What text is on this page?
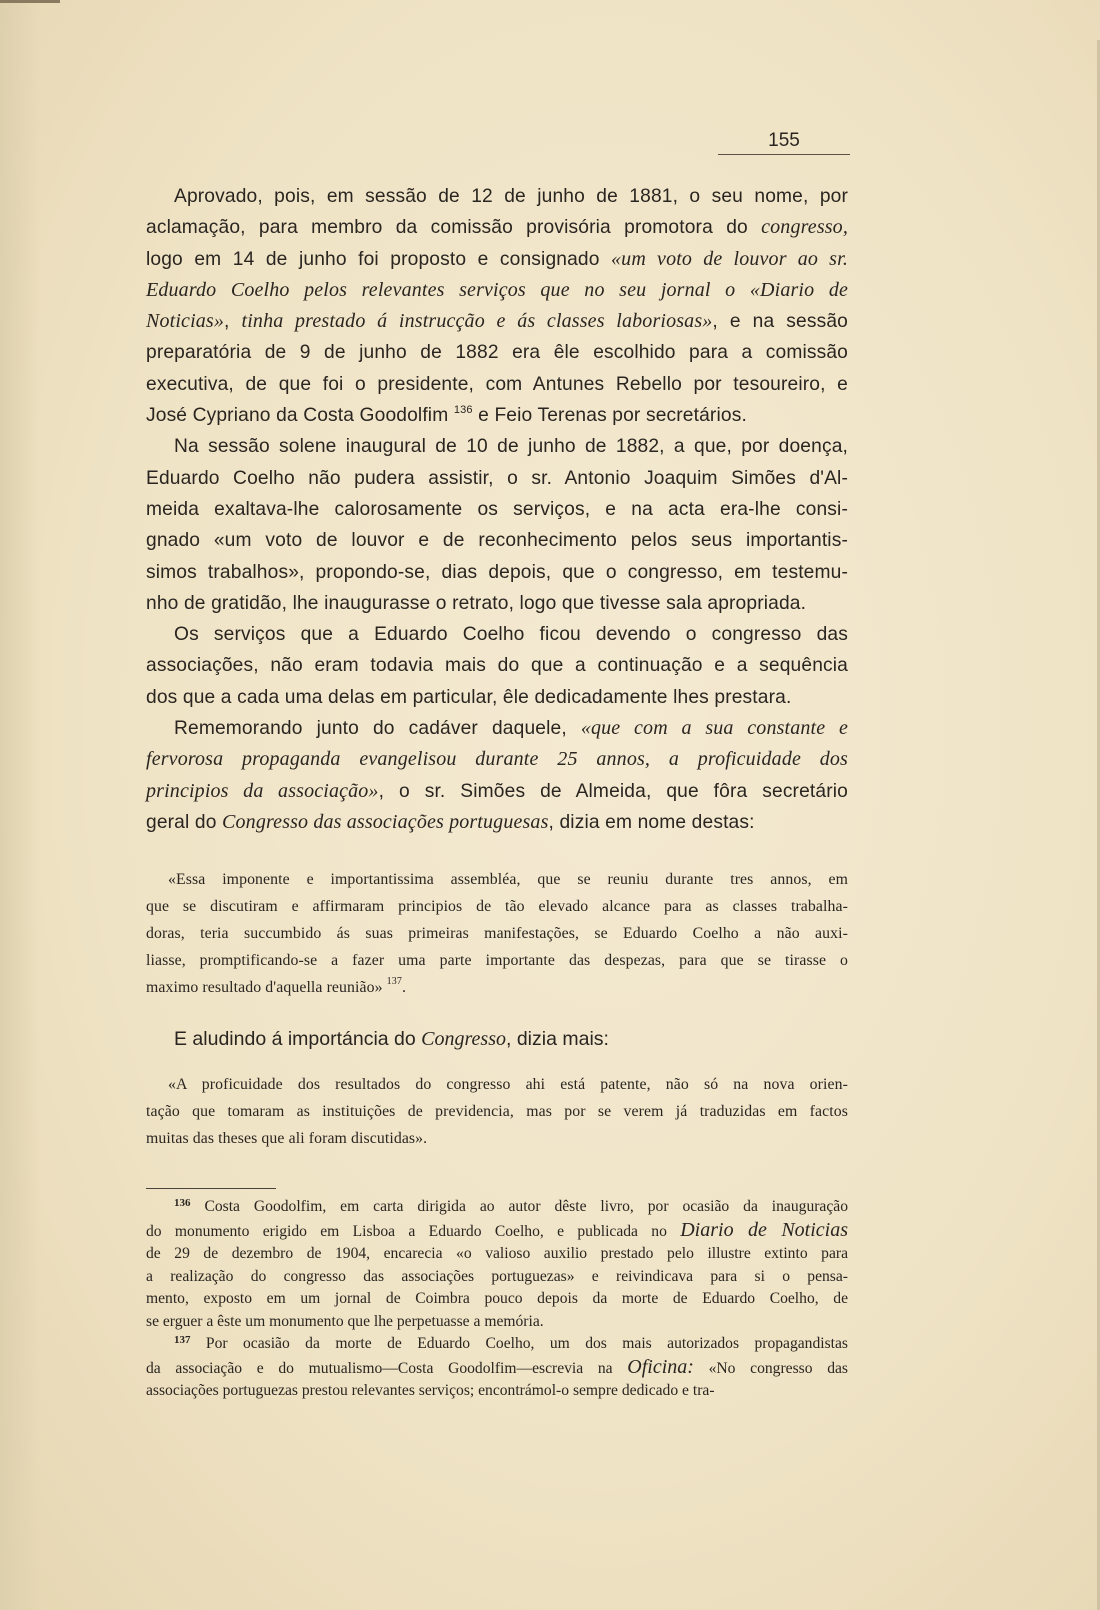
155

Aprovado, pois, em sessão de 12 de junho de 1881, o seu nome, por
aclamação, para membro da comissão provisória promotora do congresso,
logo em 14 de junho foi proposto e consignado «um voto de louvor ao sr.
Eduardo Coelho pelos relevantes serviços que no seu jornal o «Diario de
Noticias», tinha prestado á instrucção e ás classes laboriosas», e na sessão
preparatória de 9 de junho de 1882 era êle escolhido para a comissão
executiva, de que foi o presidente, com Antunes Rebello por tesoureiro, e
José Cypriano da Costa Goodolfim $^{136}$ e Feio Terenas por secretários.

Na sessão solene inaugural de 10 de junho de 1882, a que, por doença,
Eduardo Coelho não pudera assistir, o sr. Antonio Joaquim Simões d'Al-
meida exaltava-lhe calorosamente os serviços, e na acta era-lhe consi-
gnado «um voto de louvor e de reconhecimento pelos seus importantis-
simos trabalhos», propondo-se, dias depois, que o congresso, em testemu-
nho de gratidão, lhe inaugurasse o retrato, logo que tivesse sala apropriada.

Os serviços que a Eduardo Coelho ficou devendo o congresso das
associações, não eram todavia mais do que a continuação e a sequência
dos que a cada uma delas em particular, êle dedicadamente lhes prestara.

Rememorando junto do cadáver daquele, «que com a sua constante e
fervorosa propaganda evangelisou durante 25 annos, a proficuidade dos
principios da associação», o sr. Simões de Almeida, que fôra secretário
geral do Congresso das associações portuguesas, dizia em nome destas:

«Essa imponente e importantissima assembléa, que se reuniu durante tres annos, em
que se discutiram e affirmaram principios de tão elevado alcance para as classes trabalha-
doras, teria succumbido ás suas primeiras manifestações, se Eduardo Coelho a não auxi-
liasse, promptificando-se a fazer uma parte importante das despezas, para que se tirasse o
maximo resultado d'aquella reunião» $^{137}$.
E aludindo á importáncia do Congresso, dizia mais:
«A proficuidade dos resultados do congresso ahi está patente, não só na nova orien-
tação que tomaram as instituições de previdencia, mas por se verem já traduzidas em factos
muitas das theses que ali foram discutidas».
$^{136}$ Costa Goodolfim, em carta dirigida ao autor dêste livro, por ocasião da inauguração
do monumento erigido em Lisboa a Eduardo Coelho, e publicada no Diario de Noticias
de 29 de dezembro de 1904, encarecia «o valioso auxilio prestado pelo illustre extinto para
a realização do congresso das associações portuguezas» e reivindicava para si o pensa-
mento, exposto em um jornal de Coimbra pouco depois da morte de Eduardo Coelho, de
se erguer a êste um monumento que lhe perpetuasse a memória.
$^{137}$ Por ocasião da morte de Eduardo Coelho, um dos mais autorizados propagandistas
da associação e do mutualismo—Costa Goodolfim—escrevia na Oficina: «No congresso das
associações portuguezas prestou relevantes serviços; encontrámol-o sempre dedicado e tra-
